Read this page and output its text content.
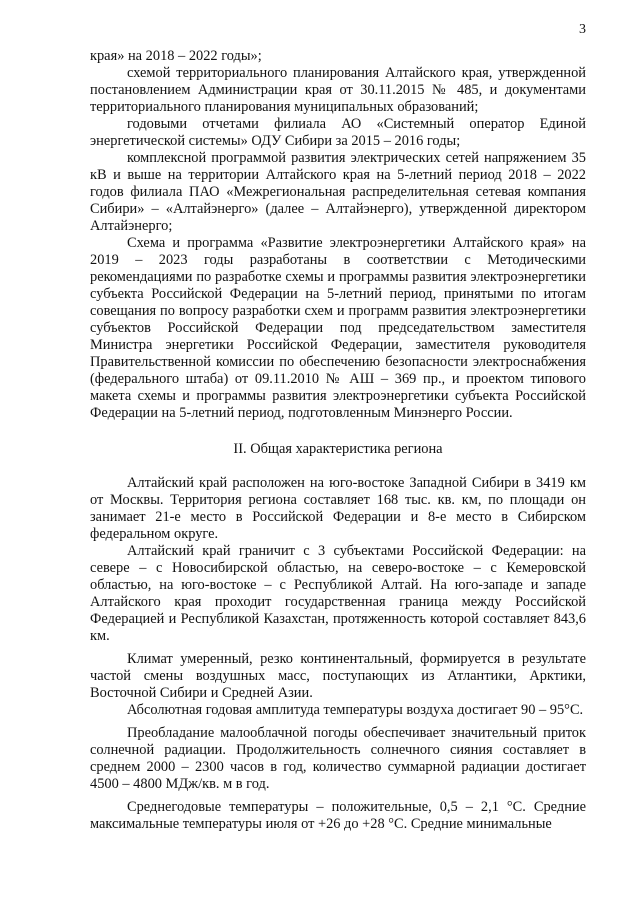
3

края» на 2018 – 2022 годы»;

схемой территориального планирования Алтайского края, утвержденной постановлением Администрации края от 30.11.2015 № 485, и документами территориального планирования муниципальных образований;

годовыми отчетами филиала АО «Системный оператор Единой энергетической системы» ОДУ Сибири за 2015 – 2016 годы;

комплексной программой развития электрических сетей напряжением 35 кВ и выше на территории Алтайского края на 5-летний период 2018 – 2022 годов филиала ПАО «Межрегиональная распределительная сетевая компания Сибири» – «Алтайэнерго» (далее – Алтайэнерго), утвержденной директором Алтайэнерго;

Схема и программа «Развитие электроэнергетики Алтайского края» на 2019 – 2023 годы разработаны в соответствии с Методическими рекомендациями по разработке схемы и программы развития электроэнергетики субъекта Российской Федерации на 5-летний период, принятыми по итогам совещания по вопросу разработки схем и программ развития электроэнергетики субъектов Российской Федерации под председательством заместителя Министра энергетики Российской Федерации, заместителя руководителя Правительственной комиссии по обеспечению безопасности электроснабжения (федерального штаба) от 09.11.2010 № АШ – 369 пр., и проектом типового макета схемы и программы развития электроэнергетики субъекта Российской Федерации на 5-летний период, подготовленным Минэнерго России.

II. Общая характеристика региона

Алтайский край расположен на юго-востоке Западной Сибири в 3419 км от Москвы. Территория региона составляет 168 тыс. кв. км, по площади он занимает 21-е место в Российской Федерации и 8-е место в Сибирском федеральном округе.

Алтайский край граничит с 3 субъектами Российской Федерации: на севере – с Новосибирской областью, на северо-востоке – с Кемеровской областью, на юго-востоке – с Республикой Алтай. На юго-западе и западе Алтайского края проходит государственная граница между Российской Федерацией и Республикой Казахстан, протяженность которой составляет 843,6 км.

Климат умеренный, резко континентальный, формируется в результате частой смены воздушных масс, поступающих из Атлантики, Арктики, Восточной Сибири и Средней Азии.

Абсолютная годовая амплитуда температуры воздуха достигает 90 – 95°С.

Преобладание малооблачной погоды обеспечивает значительный приток солнечной радиации. Продолжительность солнечного сияния составляет в среднем 2000 – 2300 часов в год, количество суммарной радиации достигает 4500 – 4800 МДж/кв. м в год.

Среднегодовые температуры – положительные, 0,5 – 2,1 °С. Средние максимальные температуры июля от +26 до +28 °С. Средние минимальные
